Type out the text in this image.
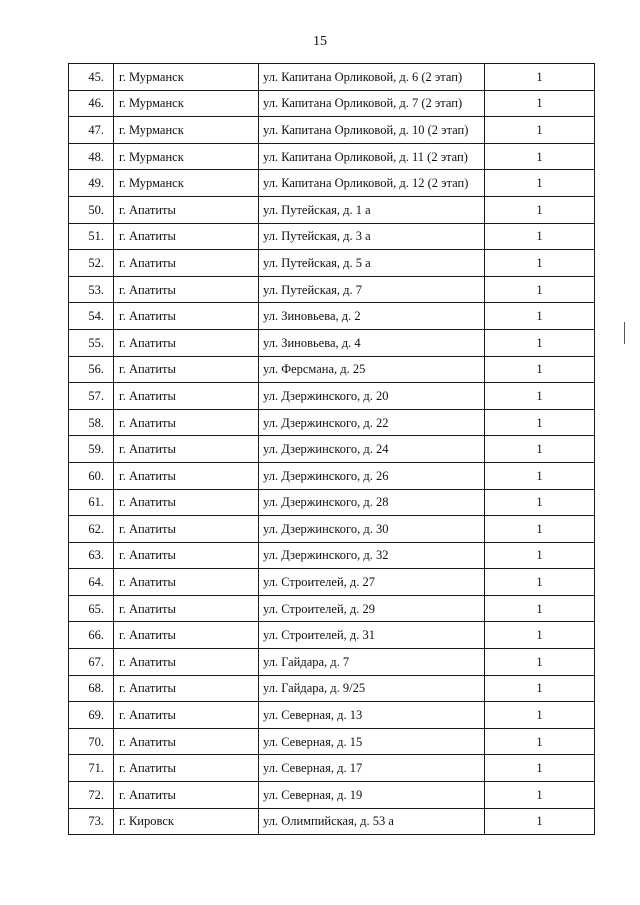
15
45.	г. Мурманск	ул. Капитана Орликовой, д. 6 (2 этап)	1
46.	г. Мурманск	ул. Капитана Орликовой, д. 7 (2 этап)	1
47.	г. Мурманск	ул. Капитана Орликовой, д. 10 (2 этап)	1
48.	г. Мурманск	ул. Капитана Орликовой, д. 11 (2 этап)	1
49.	г. Мурманск	ул. Капитана Орликовой, д. 12 (2 этап)	1
50.	г. Апатиты	ул. Путейская, д. 1 а	1
51.	г. Апатиты	ул. Путейская, д. 3 а	1
52.	г. Апатиты	ул. Путейская, д. 5 а	1
53.	г. Апатиты	ул. Путейская, д. 7	1
54.	г. Апатиты	ул. Зиновьева, д. 2	1
55.	г. Апатиты	ул. Зиновьева, д. 4	1
56.	г. Апатиты	ул. Ферсмана, д. 25	1
57.	г. Апатиты	ул. Дзержинского, д. 20	1
58.	г. Апатиты	ул. Дзержинского, д. 22	1
59.	г. Апатиты	ул. Дзержинского, д. 24	1
60.	г. Апатиты	ул. Дзержинского, д. 26	1
61.	г. Апатиты	ул. Дзержинского, д. 28	1
62.	г. Апатиты	ул. Дзержинского, д. 30	1
63.	г. Апатиты	ул. Дзержинского, д. 32	1
64.	г. Апатиты	ул. Строителей, д. 27	1
65.	г. Апатиты	ул. Строителей, д. 29	1
66.	г. Апатиты	ул. Строителей, д. 31	1
67.	г. Апатиты	ул. Гайдара, д. 7	1
68.	г. Апатиты	ул. Гайдара, д. 9/25	1
69.	г. Апатиты	ул. Северная, д. 13	1
70.	г. Апатиты	ул. Северная, д. 15	1
71.	г. Апатиты	ул. Северная, д. 17	1
72.	г. Апатиты	ул. Северная, д. 19	1
73.	г. Кировск	ул. Олимпийская, д. 53 а	1
